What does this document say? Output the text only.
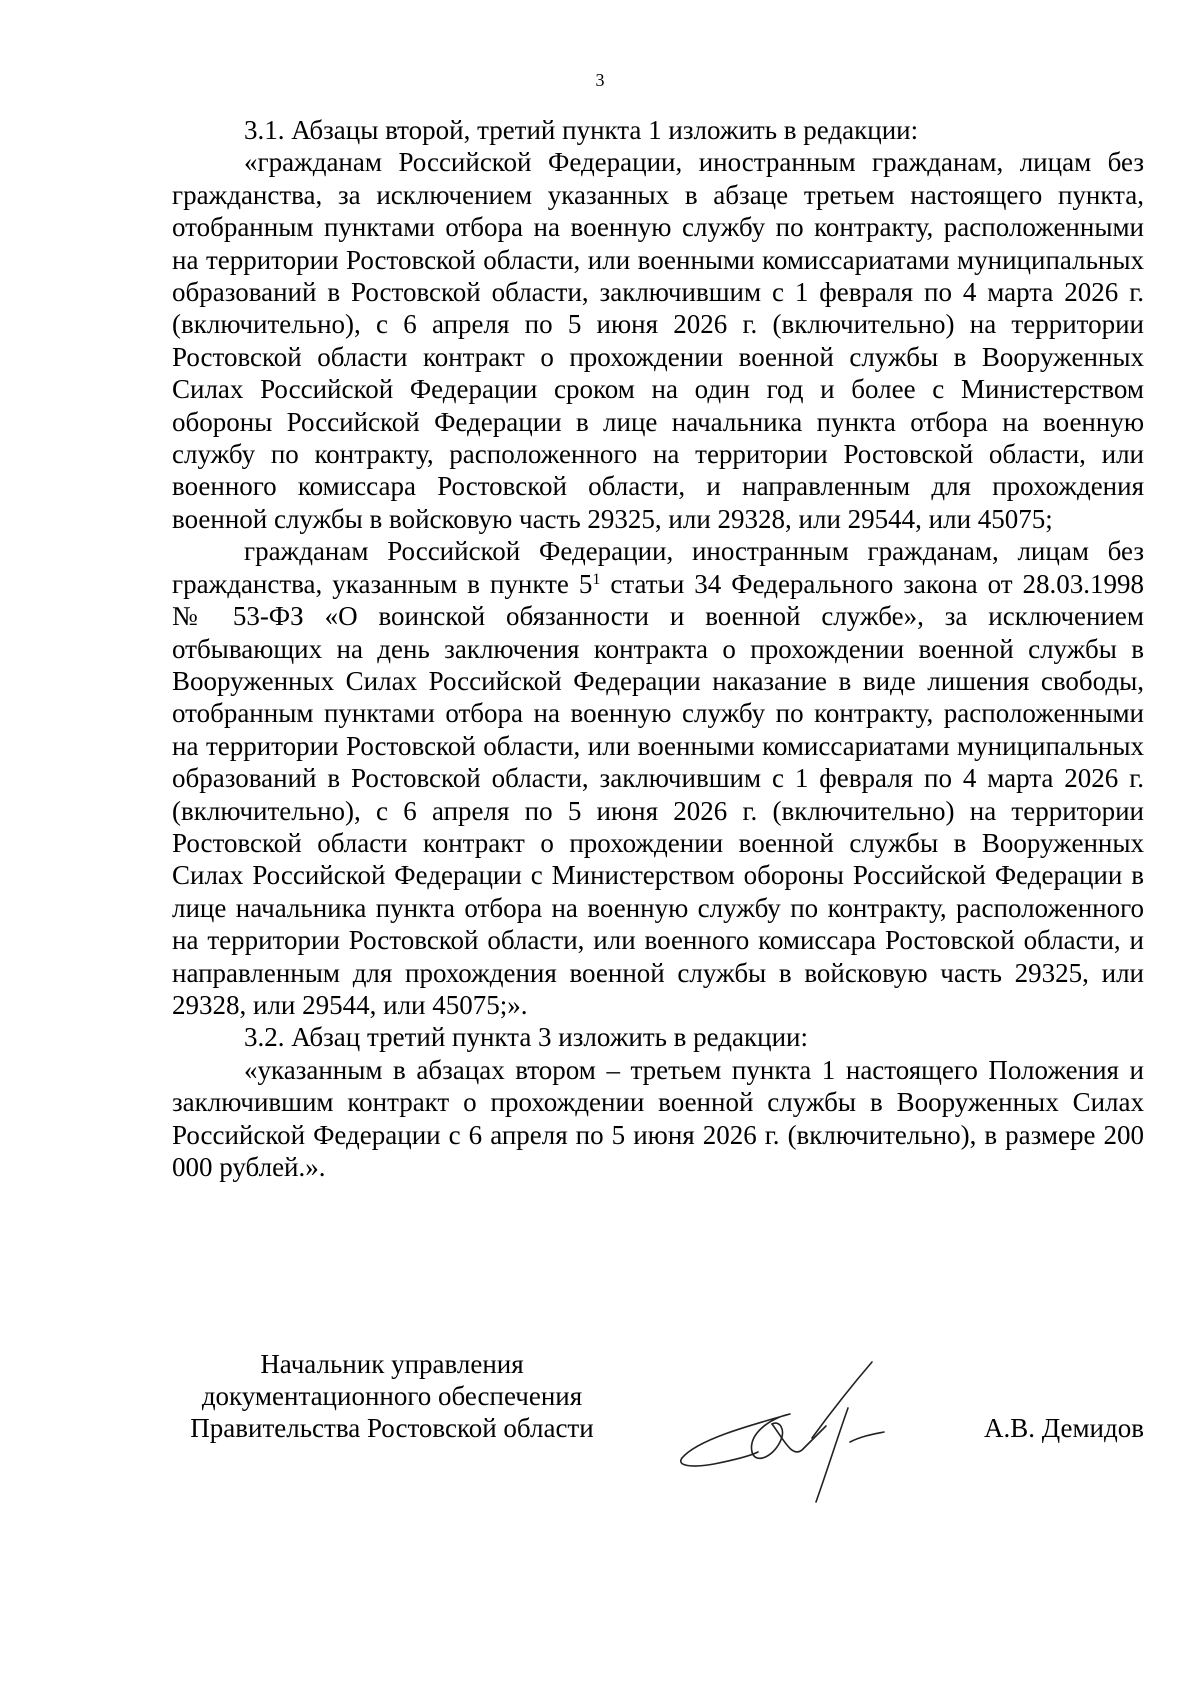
3

3.1. Абзацы второй, третий пункта 1 изложить в редакции:

«гражданам Российской Федерации, иностранным гражданам, лицам без гражданства, за исключением указанных в абзаце третьем настоящего пункта, отобранным пунктами отбора на военную службу по контракту, расположенными на территории Ростовской области, или военными комиссариатами муниципальных образований в Ростовской области, заключившим с 1 февраля по 4 марта 2026 г. (включительно), с 6 апреля по 5 июня 2026 г. (включительно) на территории Ростовской области контракт о прохождении военной службы в Вооруженных Силах Российской Федерации сроком на один год и более с Министерством обороны Российской Федерации в лице начальника пункта отбора на военную службу по контракту, расположенного на территории Ростовской области, или военного комиссара Ростовской области, и направленным для прохождения военной службы в войсковую часть 29325, или 29328, или 29544, или 45075;

гражданам Российской Федерации, иностранным гражданам, лицам без гражданства, указанным в пункте $5^1$ статьи 34 Федерального закона от 28.03.1998 № 53-ФЗ «О воинской обязанности и военной службе», за исключением отбывающих на день заключения контракта о прохождении военной службы в Вооруженных Силах Российской Федерации наказание в виде лишения свободы, отобранным пунктами отбора на военную службу по контракту, расположенными на территории Ростовской области, или военными комиссариатами муниципальных образований в Ростовской области, заключившим с 1 февраля по 4 марта 2026 г. (включительно), с 6 апреля по 5 июня 2026 г. (включительно) на территории Ростовской области контракт о прохождении военной службы в Вооруженных Силах Российской Федерации с Министерством обороны Российской Федерации в лице начальника пункта отбора на военную службу по контракту, расположенного на территории Ростовской области, или военного комиссара Ростовской области, и направленным для прохождения военной службы в войсковую часть 29325, или 29328, или 29544, или 45075;».

3.2. Абзац третий пункта 3 изложить в редакции:

«указанным в абзацах втором – третьем пункта 1 настоящего Положения и заключившим контракт о прохождении военной службы в Вооруженных Силах Российской Федерации с 6 апреля по 5 июня 2026 г. (включительно), в размере 200 000 рублей.».

Начальник управления
документационного обеспечения
Правительства Ростовской области	А.В. Демидов
